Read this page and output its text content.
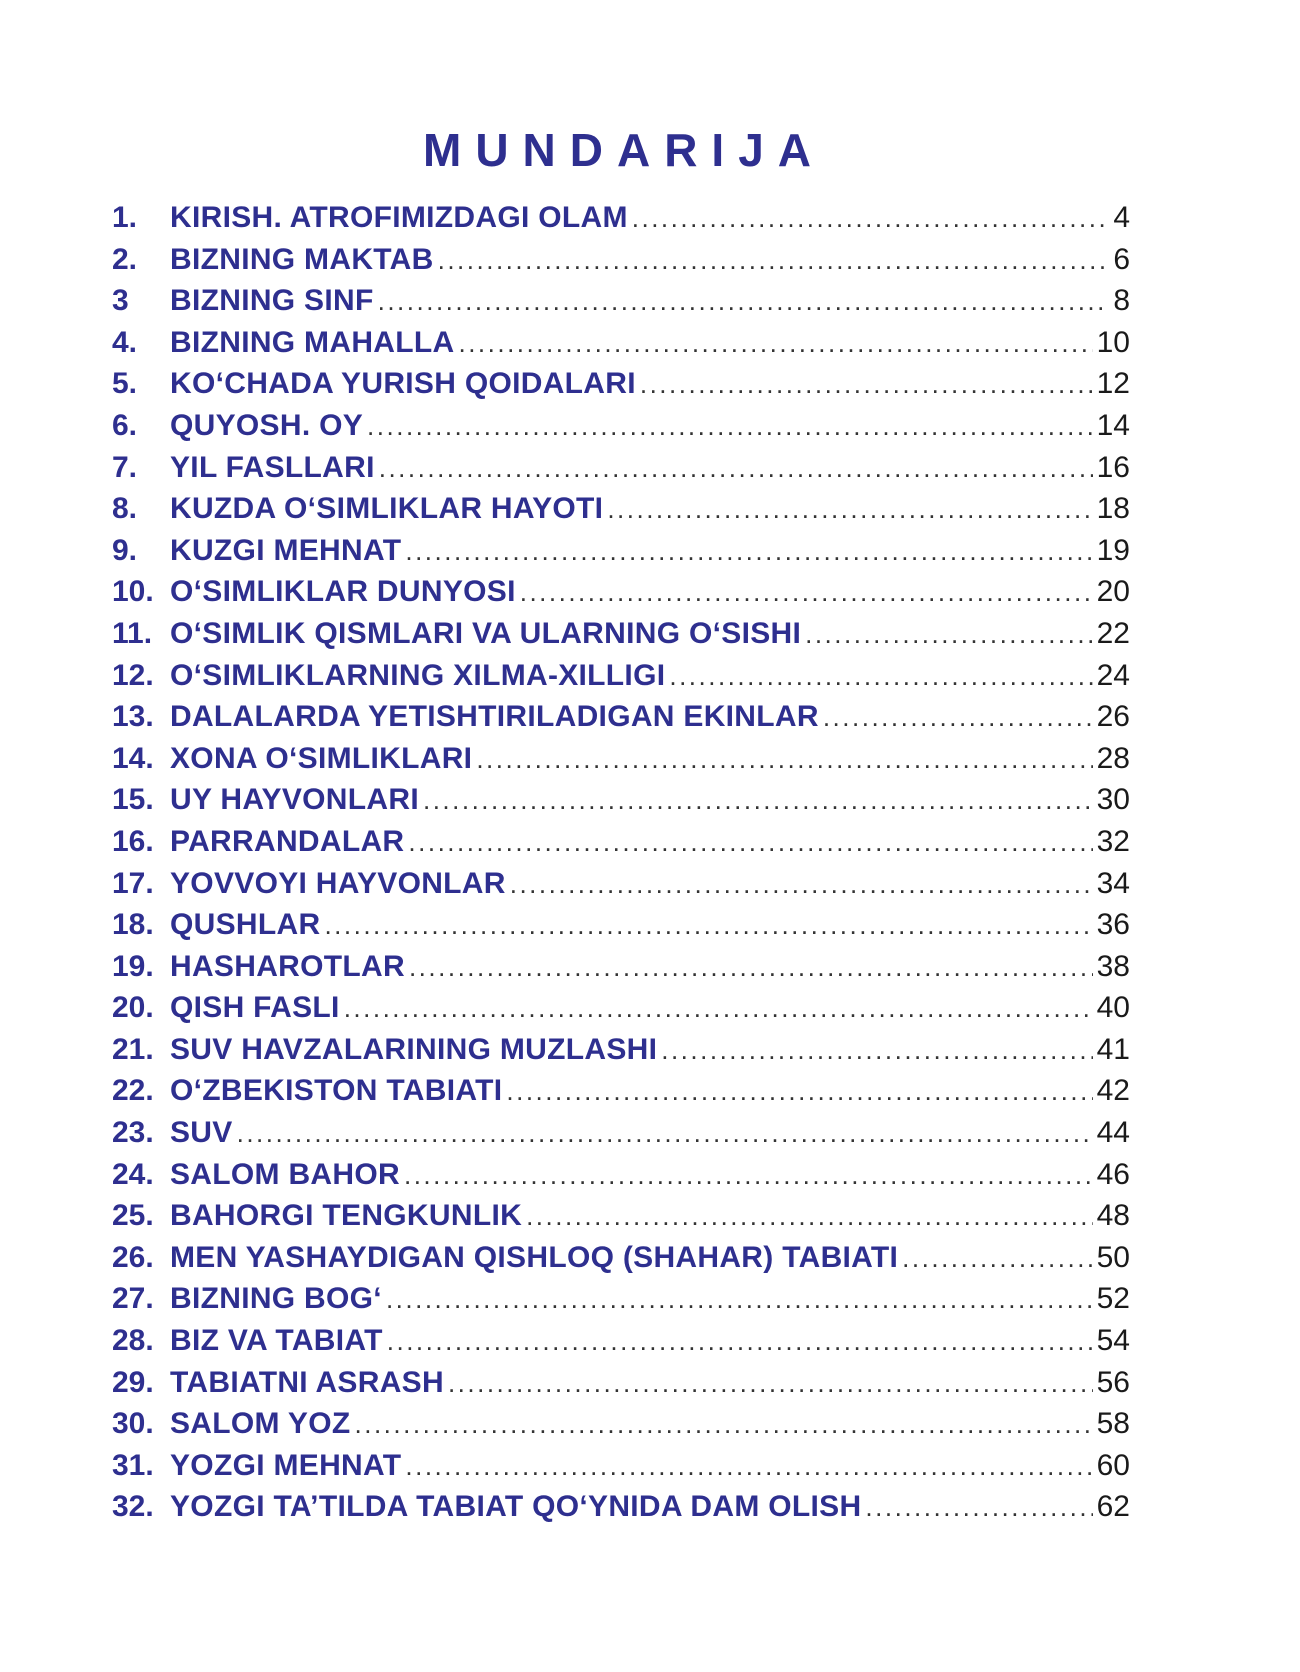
MUNDARIJA
1.	KIRISH. ATROFIMIZDAGI OLAM .....	4
2.	BIZNING MAKTAB .....	6
3	BIZNING SINF .....	8
4.	BIZNING MAHALLA .....	10
5.	KO‘CHADA YURISH QOIDALARI .....	12
6.	QUYOSH. OY .....	14
7.	YIL FASLLARI .....	16
8.	KUZDA O‘SIMLIKLAR HAYOTI .....	18
9.	KUZGI MEHNAT .....	19
10. O‘SIMLIKLAR DUNYOSI .....	20
11. O‘SIMLIK QISMLARI VA ULARNING O‘SISHI .....	22
12. O‘SIMLIKLARNING XILMA-XILLIGI .....	24
13. DALALARDA YETISHTIRILADIGAN EKINLAR .....	26
14. XONA O‘SIMLIKLARI .....	28
15. UY HAYVONLARI .....	30
16. PARRANDALAR .....	32
17. YOVVOYI HAYVONLAR .....	34
18. QUSHLAR .....	36
19. HASHAROTLAR .....	38
20. QISH FASLI .....	40
21. SUV HAVZALARINING MUZLASHI .....	41
22. O‘ZBEKISTON TABIATI .....	42
23. SUV .....	44
24. SALOM BAHOR .....	46
25. BAHORGI TENGKUNLIK .....	48
26. MEN YASHAYDIGAN QISHLOQ (SHAHAR) TABIATI .....	50
27. BIZNING BOG‘ .....	52
28. BIZ VA TABIAT .....	54
29. TABIATNI ASRASH .....	56
30. SALOM YOZ .....	58
31. YOZGI MEHNAT .....	60
32. YOZGI TA’TILDA TABIAT QO‘YNIDA DAM OLISH .....	62
